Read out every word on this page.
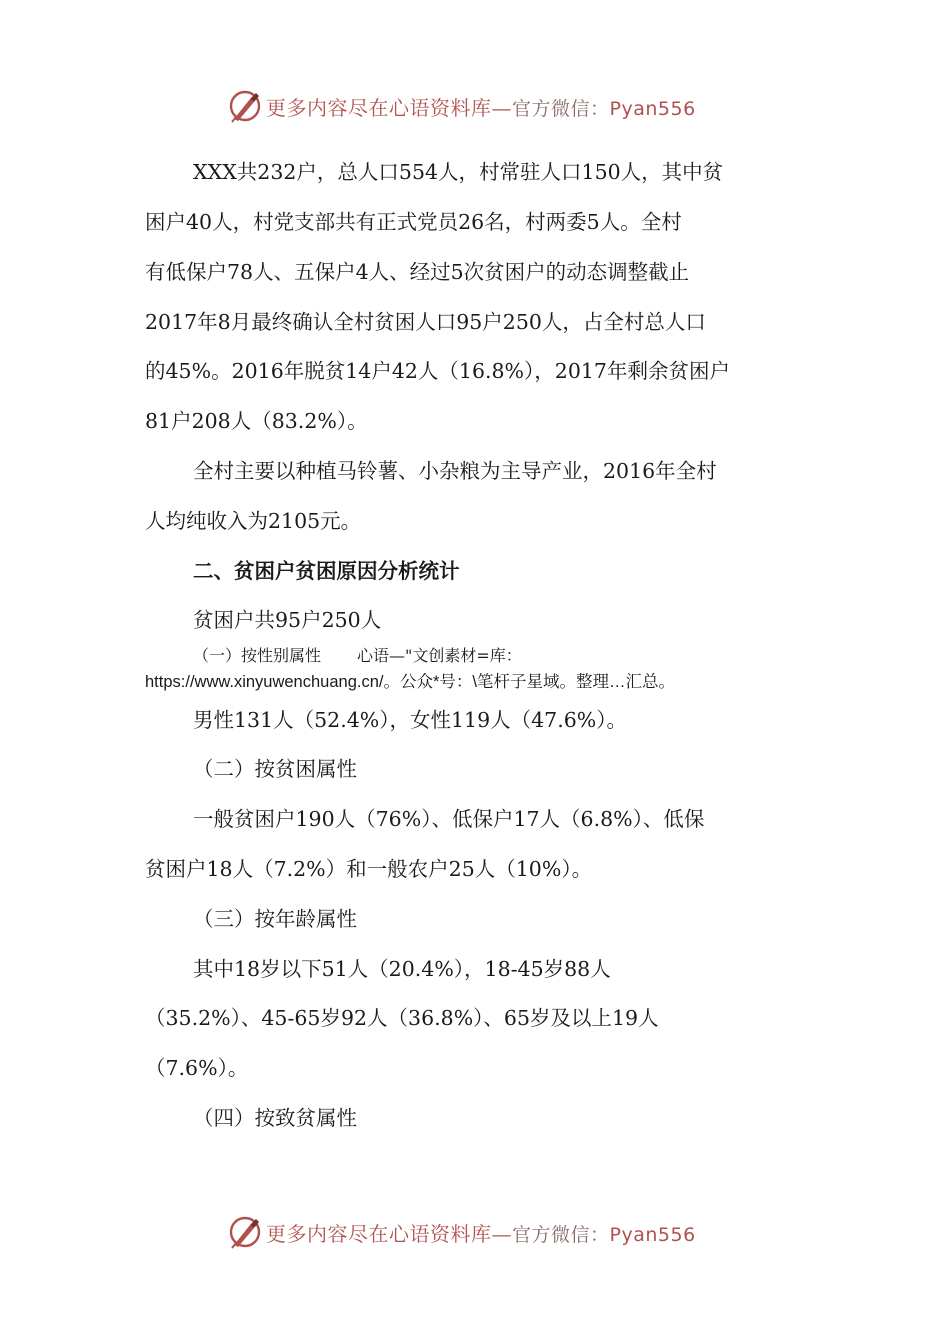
更多内容尽在心语资料库—官方微信：Pyan556
XXX共232户，总人口554人，村常驻人口150人，其中贫
困户40人，村党支部共有正式党员26名，村两委5人。全村
有低保户78人、五保户4人、经过5次贫困户的动态调整截止
2017年8月最终确认全村贫困人口95户250人，占全村总人口
的45%。2016年脱贫14户42人（16.8%），2017年剩余贫困户
81户208人（83.2%）。
全村主要以种植马铃薯、小杂粮为主导产业，2016年全村
人均纯收入为2105元。
二、贫困户贫困原因分析统计
贫困户共95户250人
（一）按性别属性 心语—"文创素材=库：
https://www.xinyuwenchuang.cn/。公众*号：\笔杆子星域。整理…汇总。
男性131人（52.4%），女性119人（47.6%）。
（二）按贫困属性
一般贫困户190人（76%）、低保户17人（6.8%）、低保
贫困户18人（7.2%）和一般农户25人（10%）。
（三）按年龄属性
其中18岁以下51人（20.4%），18-45岁88人
（35.2%）、45-65岁92人（36.8%）、65岁及以上19人
（7.6%）。
（四）按致贫属性
更多内容尽在心语资料库—官方微信：Pyan556
